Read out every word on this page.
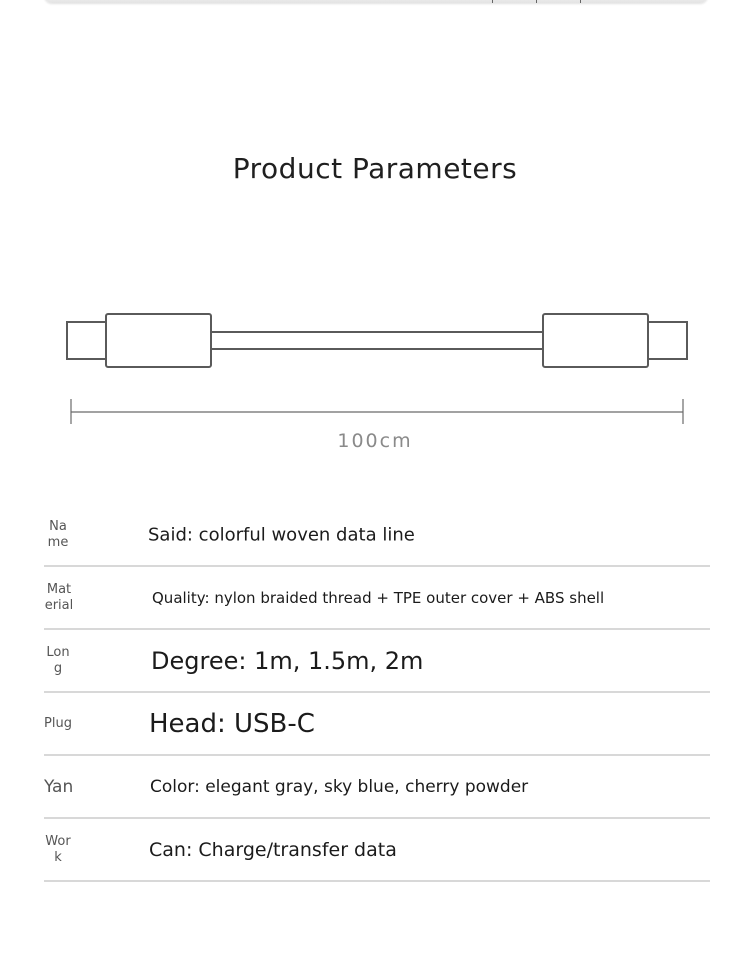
Product Parameters
100cm
Name	Said: colorful woven data line
Material	Quality: nylon braided thread + TPE outer cover + ABS shell
Long	Degree: 1m, 1.5m, 2m
Plug	Head: USB-C
Yan	Color: elegant gray, sky blue, cherry powder
Work	Can: Charge/transfer data
